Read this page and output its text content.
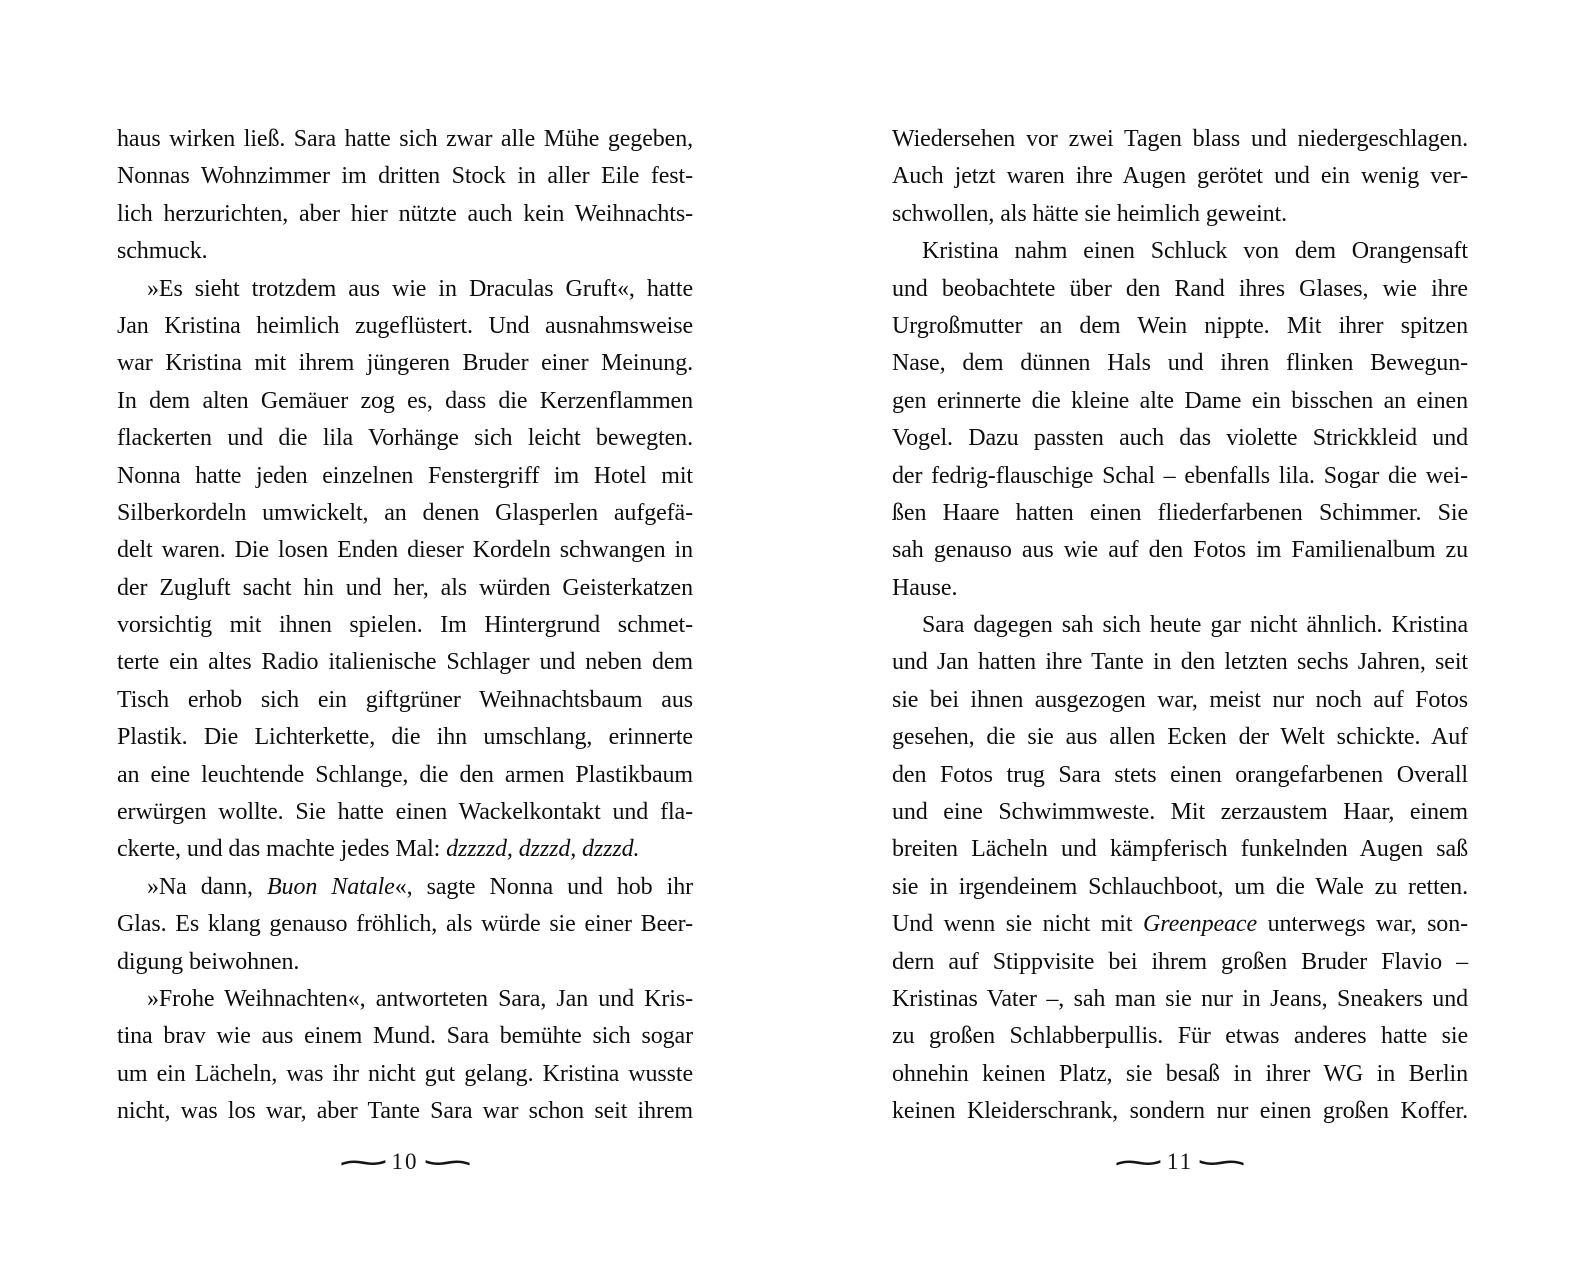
haus wirken ließ. Sara hatte sich zwar alle Mühe gegeben,
Nonnas Wohnzimmer im dritten Stock in aller Eile fest-
lich herzurichten, aber hier nützte auch kein Weihnachts-
schmuck.
»Es sieht trotzdem aus wie in Draculas Gruft«, hatte
Jan Kristina heimlich zugeflüstert. Und ausnahmsweise
war Kristina mit ihrem jüngeren Bruder einer Meinung.
In dem alten Gemäuer zog es, dass die Kerzenflammen
flackerten und die lila Vorhänge sich leicht bewegten.
Nonna hatte jeden einzelnen Fenstergriff im Hotel mit
Silberkordeln umwickelt, an denen Glasperlen aufgefä-
delt waren. Die losen Enden dieser Kordeln schwangen in
der Zugluft sacht hin und her, als würden Geisterkatzen
vorsichtig mit ihnen spielen. Im Hintergrund schmet-
terte ein altes Radio italienische Schlager und neben dem
Tisch erhob sich ein giftgrüner Weihnachtsbaum aus
Plastik. Die Lichterkette, die ihn umschlang, erinnerte
an eine leuchtende Schlange, die den armen Plastikbaum
erwürgen wollte. Sie hatte einen Wackelkontakt und fla-
ckerte, und das machte jedes Mal: dzzzzd, dzzzd, dzzzd.
»Na dann, Buon Natale«, sagte Nonna und hob ihr
Glas. Es klang genauso fröhlich, als würde sie einer Beer-
digung beiwohnen.
»Frohe Weihnachten«, antworteten Sara, Jan und Kris-
tina brav wie aus einem Mund. Sara bemühte sich sogar
um ein Lächeln, was ihr nicht gut gelang. Kristina wusste
nicht, was los war, aber Tante Sara war schon seit ihrem
∼ 10 ∼
Wiedersehen vor zwei Tagen blass und niedergeschlagen.
Auch jetzt waren ihre Augen gerötet und ein wenig ver-
schwollen, als hätte sie heimlich geweint.
Kristina nahm einen Schluck von dem Orangensaft
und beobachtete über den Rand ihres Glases, wie ihre
Urgroßmutter an dem Wein nippte. Mit ihrer spitzen
Nase, dem dünnen Hals und ihren flinken Bewegun-
gen erinnerte die kleine alte Dame ein bisschen an einen
Vogel. Dazu passten auch das violette Strickkleid und
der fedrig-flauschige Schal – ebenfalls lila. Sogar die wei-
ßen Haare hatten einen fliederfarbenen Schimmer. Sie
sah genauso aus wie auf den Fotos im Familienalbum zu
Hause.
Sara dagegen sah sich heute gar nicht ähnlich. Kristina
und Jan hatten ihre Tante in den letzten sechs Jahren, seit
sie bei ihnen ausgezogen war, meist nur noch auf Fotos
gesehen, die sie aus allen Ecken der Welt schickte. Auf
den Fotos trug Sara stets einen orangefarbenen Overall
und eine Schwimmweste. Mit zerzaustem Haar, einem
breiten Lächeln und kämpferisch funkelnden Augen saß
sie in irgendeinem Schlauchboot, um die Wale zu retten.
Und wenn sie nicht mit Greenpeace unterwegs war, son-
dern auf Stippvisite bei ihrem großen Bruder Flavio –
Kristinas Vater –, sah man sie nur in Jeans, Sneakers und
zu großen Schlabberpullis. Für etwas anderes hatte sie
ohnehin keinen Platz, sie besaß in ihrer WG in Berlin
keinen Kleiderschrank, sondern nur einen großen Koffer.
∼ 11 ∼
